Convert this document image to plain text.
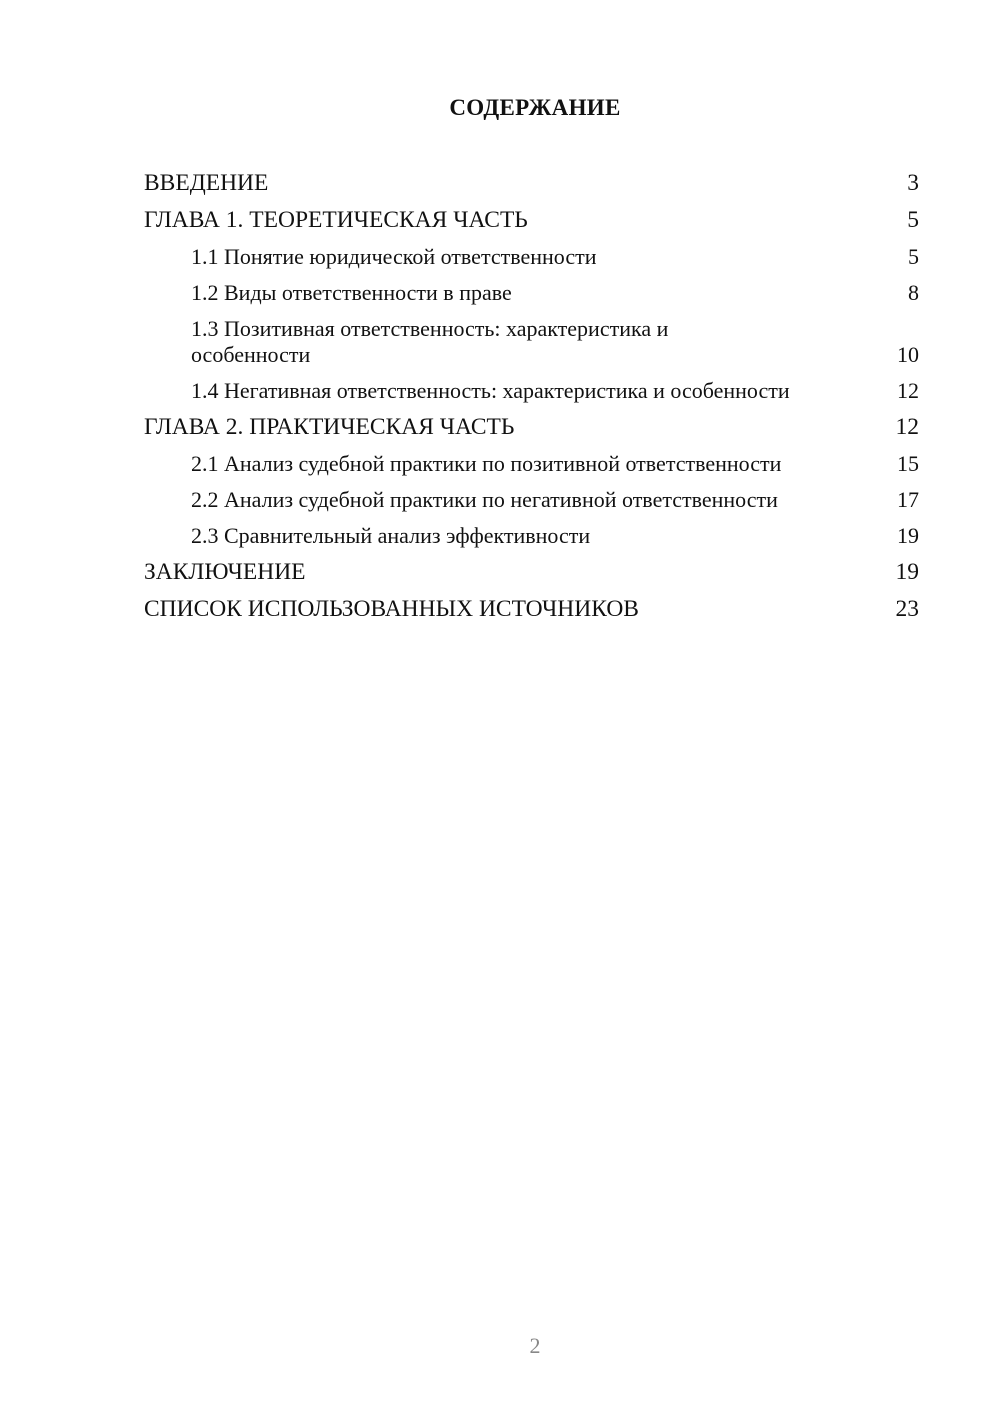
СОДЕРЖАНИЕ
ВВЕДЕНИЕ	3
ГЛАВА 1. ТЕОРЕТИЧЕСКАЯ ЧАСТЬ	5
1.1 Понятие юридической ответственности	5
1.2 Виды ответственности в праве	8
1.3 Позитивная ответственность: характеристика и особенности	10
1.4 Негативная ответственность: характеристика и особенности	12
ГЛАВА 2. ПРАКТИЧЕСКАЯ ЧАСТЬ	12
2.1 Анализ судебной практики по позитивной ответственности	15
2.2 Анализ судебной практики по негативной ответственности	17
2.3 Сравнительный анализ эффективности	19
ЗАКЛЮЧЕНИЕ	19
СПИСОК ИСПОЛЬЗОВАННЫХ ИСТОЧНИКОВ	23
2
